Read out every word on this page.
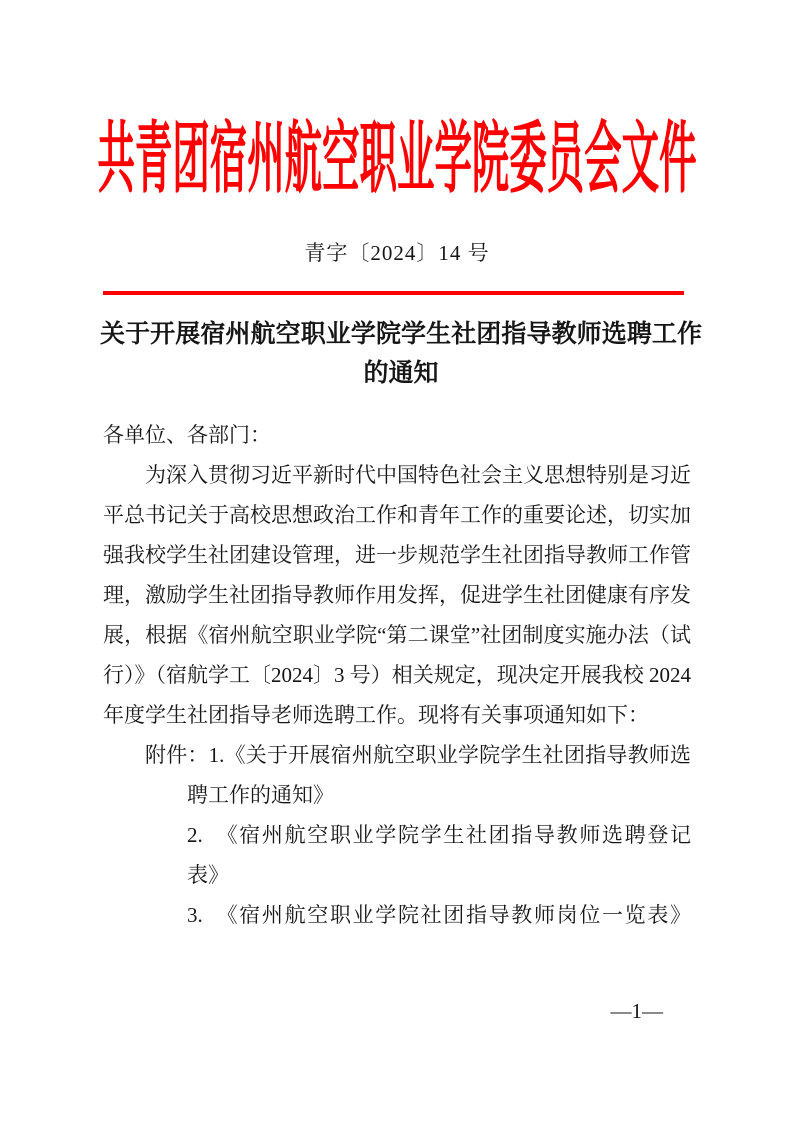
共青团宿州航空职业学院委员会文件
青字〔2024〕14 号
关于开展宿州航空职业学院学生社团指导教师选聘工作
的通知
各单位、各部门：
为深入贯彻习近平新时代中国特色社会主义思想特别是习近
平总书记关于高校思想政治工作和青年工作的重要论述，切实加
强我校学生社团建设管理，进一步规范学生社团指导教师工作管
理，激励学生社团指导教师作用发挥，促进学生社团健康有序发
展，根据《宿州航空职业学院“第二课堂”社团制度实施办法（试
行）》（宿航学工〔2024〕3 号）相关规定，现决定开展我校 2024
年度学生社团指导老师选聘工作。现将有关事项通知如下：
附件：1.《关于开展宿州航空职业学院学生社团指导教师选
聘工作的通知》
2.　《宿州航空职业学院学生社团指导教师选聘登记
表》
3.　《宿州航空职业学院社团指导教师岗位一览表》
—1—
